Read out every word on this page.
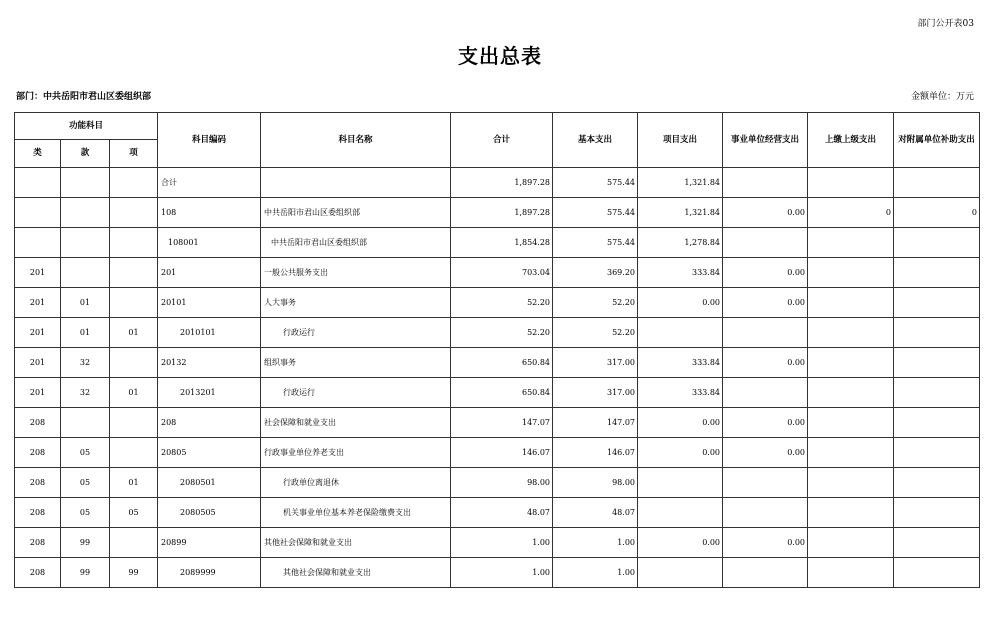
部门公开表03
支出总表
部门：中共岳阳市君山区委组织部	金额单位：万元
功能科目			科目编码	科目名称	合计	基本支出	项目支出	事业单位经营支出	上缴上级支出	对附属单位补助支出
类	款	项								
			合计		1,897.28	575.44	1,321.84			
			108	中共岳阳市君山区委组织部	1,897.28	575.44	1,321.84	0.00	0	0
			108001	中共岳阳市君山区委组织部	1,854.28	575.44	1,278.84			
201			201	一般公共服务支出	703.04	369.20	333.84	0.00		
201	01		20101	人大事务	52.20	52.20	0.00	0.00		
201	01	01	2010101	行政运行	52.20	52.20				
201	32		20132	组织事务	650.84	317.00	333.84	0.00		
201	32	01	2013201	行政运行	650.84	317.00	333.84			
208			208	社会保障和就业支出	147.07	147.07	0.00	0.00		
208	05		20805	行政事业单位养老支出	146.07	146.07	0.00	0.00		
208	05	01	2080501	行政单位离退休	98.00	98.00				
208	05	05	2080505	机关事业单位基本养老保险缴费支出	48.07	48.07				
208	99		20899	其他社会保障和就业支出	1.00	1.00	0.00	0.00		
208	99	99	2089999	其他社会保障和就业支出	1.00	1.00				
